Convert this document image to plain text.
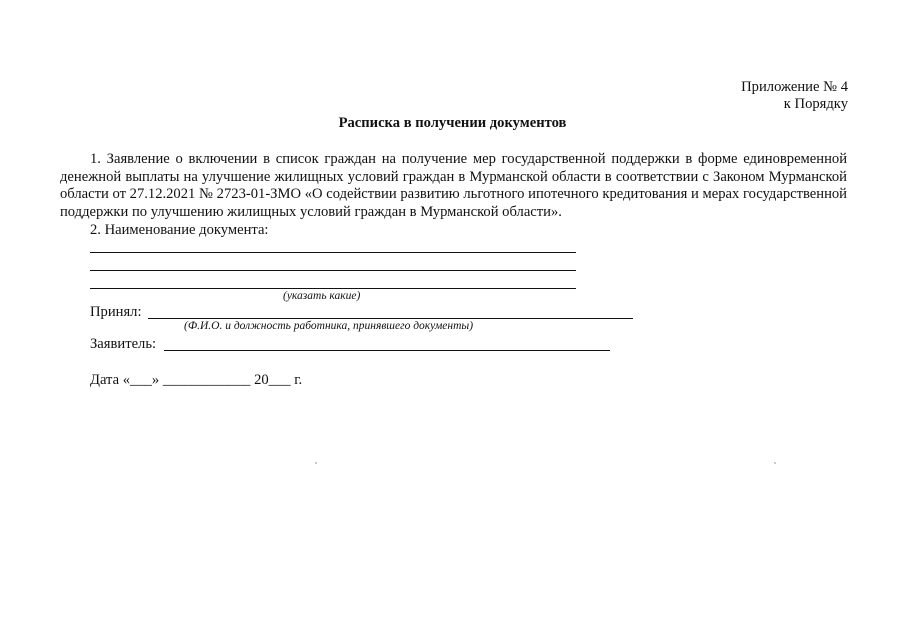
Приложение № 4
к Порядку
Расписка в получении документов

1. Заявление о включении в список граждан на получение мер государственной поддержки в форме единовременной денежной выплаты на улучшение жилищных условий граждан в Мурманской области в соответствии с Законом Мурманской области от 27.12.2021 № 2723-01-ЗМО «О содействии развитию льготного ипотечного кредитования и мерах государственной поддержки по улучшению жилищных условий граждан в Мурманской области».

2. Наименование документа:
(указать какие)
Принял:
(Ф.И.О. и должность работника, принявшего документы)
Заявитель:
Дата «___» ____________ 20___ г.
